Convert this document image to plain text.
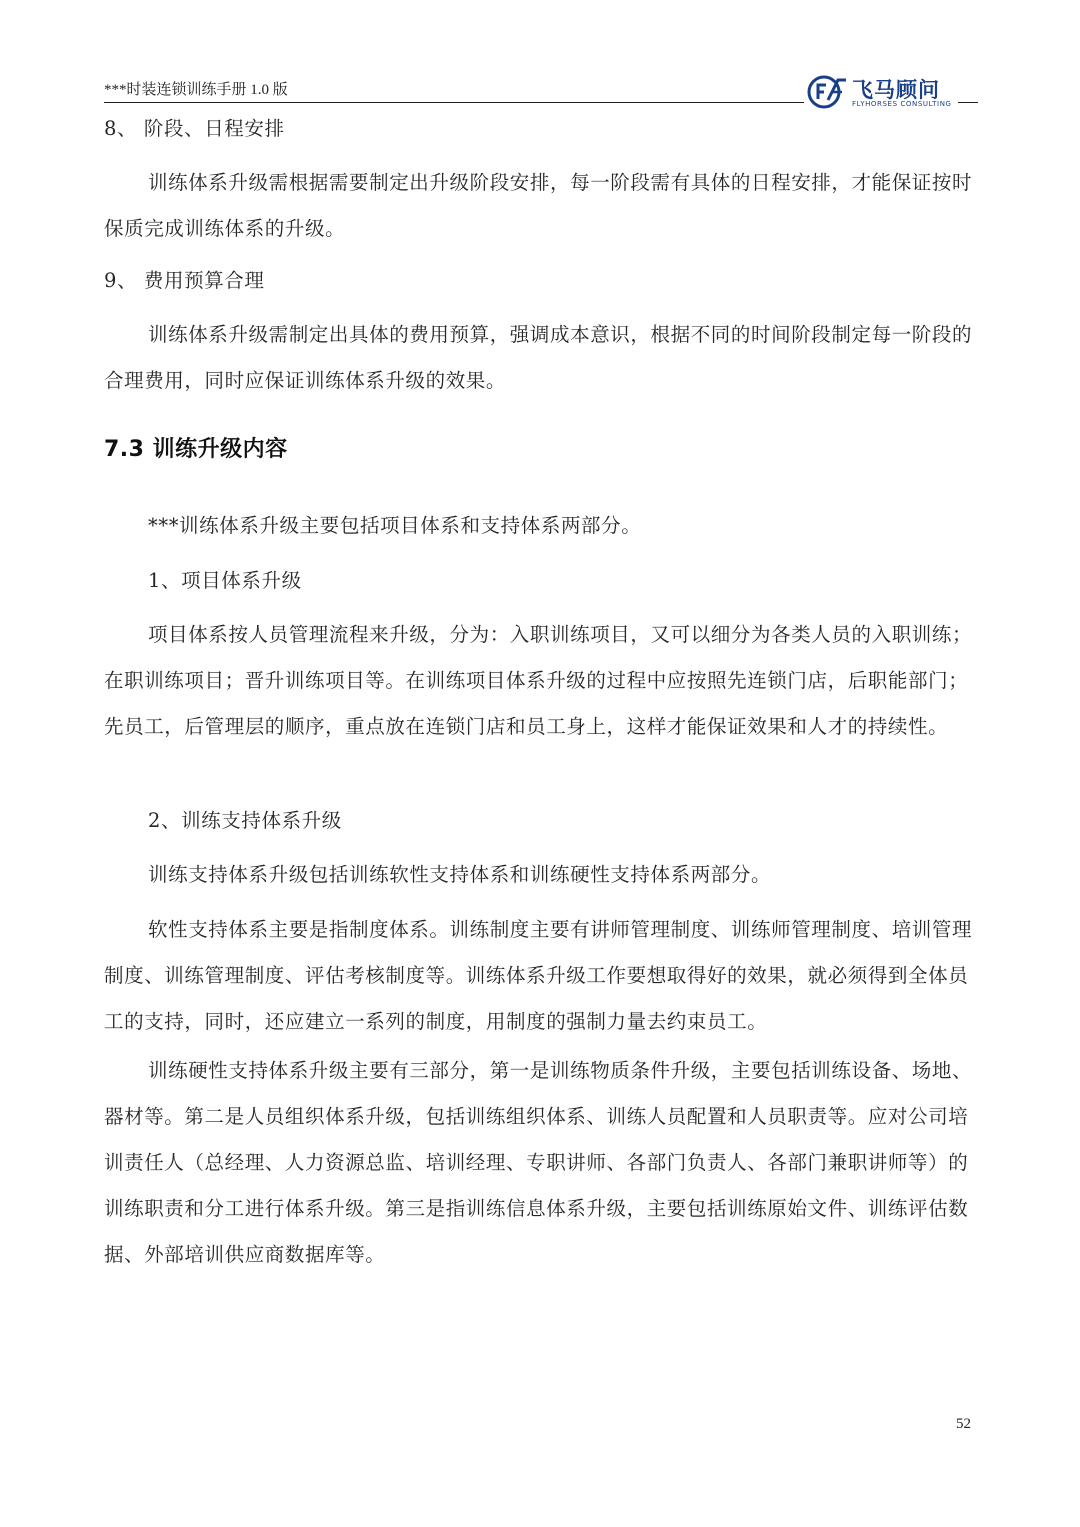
***时装连锁训练手册 1.0 版	飞马顾问
FLYHORSES CONSULTING

8、 阶段、日程安排

训练体系升级需根据需要制定出升级阶段安排，每一阶段需有具体的日程安排，才能保证按时保质完成训练体系的升级。

9、 费用预算合理

训练体系升级需制定出具体的费用预算，强调成本意识，根据不同的时间阶段制定每一阶段的合理费用，同时应保证训练体系升级的效果。

7.3 训练升级内容

***训练体系升级主要包括项目体系和支持体系两部分。

1、项目体系升级

项目体系按人员管理流程来升级，分为：入职训练项目，又可以细分为各类人员的入职训练；在职训练项目；晋升训练项目等。在训练项目体系升级的过程中应按照先连锁门店，后职能部门；先员工，后管理层的顺序，重点放在连锁门店和员工身上，这样才能保证效果和人才的持续性。

2、训练支持体系升级

训练支持体系升级包括训练软性支持体系和训练硬性支持体系两部分。

软性支持体系主要是指制度体系。训练制度主要有讲师管理制度、训练师管理制度、培训管理制度、训练管理制度、评估考核制度等。训练体系升级工作要想取得好的效果，就必须得到全体员工的支持，同时，还应建立一系列的制度，用制度的强制力量去约束员工。

训练硬性支持体系升级主要有三部分，第一是训练物质条件升级，主要包括训练设备、场地、器材等。第二是人员组织体系升级，包括训练组织体系、训练人员配置和人员职责等。应对公司培训责任人（总经理、人力资源总监、培训经理、专职讲师、各部门负责人、各部门兼职讲师等）的训练职责和分工进行体系升级。第三是指训练信息体系升级，主要包括训练原始文件、训练评估数据、外部培训供应商数据库等。

52
